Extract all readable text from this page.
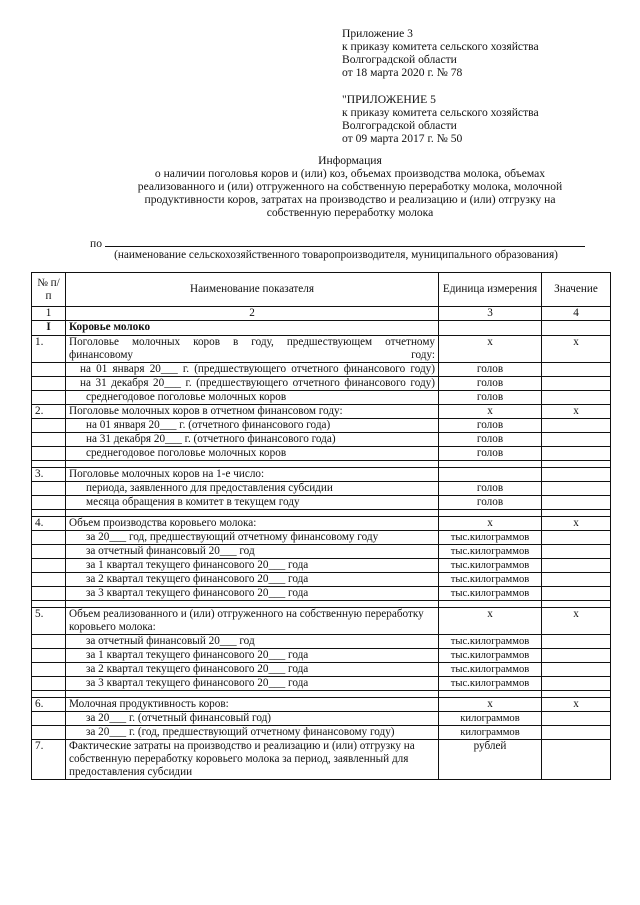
Приложение 3
к приказу комитета сельского хозяйства
Волгоградской области
от 18 марта 2020 г. № 78
"ПРИЛОЖЕНИЕ 5
к приказу комитета сельского хозяйства
Волгоградской области
от 09 марта 2017 г. № 50
Информация
о наличии поголовья коров и (или) коз, объемах производства молока, объемах
реализованного и (или) отгруженного на собственную переработку молока, молочной
продуктивности коров, затратах на производство и реализацию и (или) отгрузку на
собственную переработку молока
по
(наименование сельскохозяйственного товаропроизводителя, муниципального образования)
№ п/п	Наименование показателя	Единица измерения	Значение
1	2	3	4
I	Коровье молоко		
1.	Поголовье молочных коров в году, предшествующем отчетному финансовому году:	х	х
	на 01 января 20___ г. (предшествующего отчетного финансового году)	голов	
	на 31 декабря 20___ г. (предшествующего отчетного финансового году)	голов	
	среднегодовое поголовье молочных коров	голов	
2.	Поголовье молочных коров в отчетном финансовом году:	х	х
	на 01 января 20___ г. (отчетного финансового года)	голов	
	на 31 декабря 20___ г. (отчетного финансового года)	голов	
	среднегодовое поголовье молочных коров	голов	

3.	Поголовье молочных коров на 1-е число:		
	периода, заявленного для предоставления субсидии	голов	
	месяца обращения в комитет в текущем году	голов	

4.	Объем производства коровьего молока:	х	х
	за 20___ год, предшествующий отчетному финансовому году	тыс.килограммов	
	за отчетный финансовый 20___ год	тыс.килограммов	
	за 1 квартал текущего финансового 20___ года	тыс.килограммов	
	за 2 квартал текущего финансового 20___ года	тыс.килограммов	
	за 3 квартал текущего финансового 20___ года	тыс.килограммов	

5.	Объем реализованного и (или) отгруженного на собственную переработку коровьего молока:	х	х
	за отчетный финансовый 20___ год	тыс.килограммов	
	за 1 квартал текущего финансового 20___ года	тыс.килограммов	
	за 2 квартал текущего финансового 20___ года	тыс.килограммов	
	за 3 квартал текущего финансового 20___ года	тыс.килограммов	

6.	Молочная продуктивность коров:	х	х
	за 20___ г. (отчетный финансовый год)	килограммов	
	за 20___ г. (год, предшествующий отчетному финансовому году)	килограммов	
7.	Фактические затраты на производство и реализацию и (или) отгрузку на собственную переработку коровьего молока за период, заявленный для предоставления субсидии	рублей	
